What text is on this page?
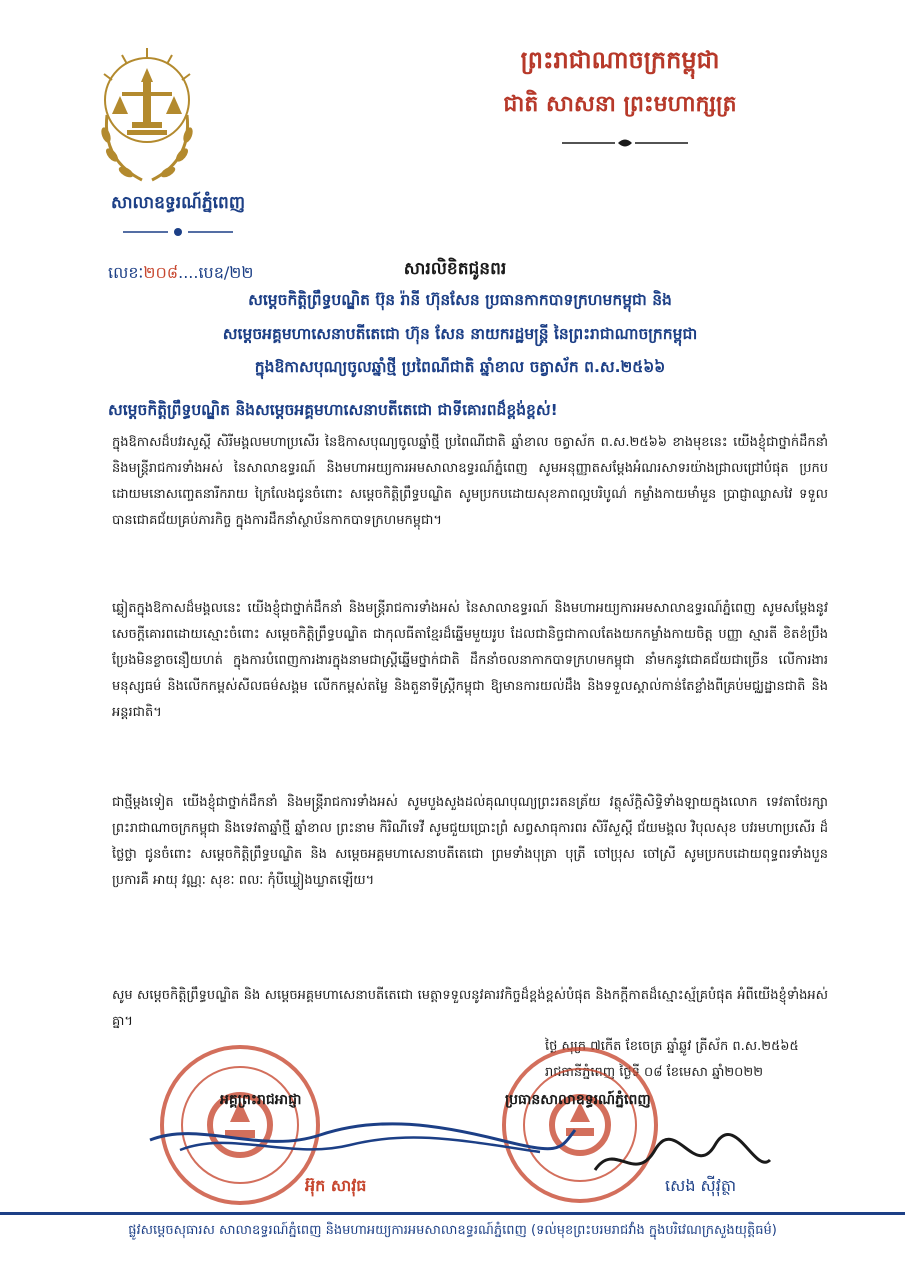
សាលាឧទ្ធរណ៍ភ្នំពេញ
ព្រះរាជាណាចក្រកម្ពុជា
ជាតិ សាសនា ព្រះមហាក្សត្រ
លេខៈ២០៨....បេឧ/២២	សារលិខិតជូនពរ
សម្តេចកិត្តិព្រឹទ្ធបណ្ឌិត ប៊ុន រ៉ានី ហ៊ុនសែន ប្រធានកាកបាទក្រហមកម្ពុជា និង
សម្តេចអគ្គមហាសេនាបតីតេជោ ហ៊ុន សែន នាយករដ្ឋមន្ត្រី នៃព្រះរាជាណាចក្រកម្ពុជា
ក្នុងឱកាសបុណ្យចូលឆ្នាំថ្មី ប្រពៃណីជាតិ ឆ្នាំខាល ចត្វាស័ក ព.ស.២៥៦៦
សម្តេចកិត្តិព្រឹទ្ធបណ្ឌិត និងសម្តេចអគ្គមហាសេនាបតីតេជោ ជាទីគោរពដ៏ខ្ពង់ខ្ពស់!
ក្នុងឱកាសដ៏បវរសួស្តី សិរីមង្គលមហាប្រសើរ នៃឱកាសបុណ្យចូលឆ្នាំថ្មី ប្រពៃណីជាតិ ឆ្នាំខាល ចត្វាស័ក ព.ស.២៥៦៦ ខាងមុខនេះ យើងខ្ញុំជាថ្នាក់ដឹកនាំ និងមន្ត្រីរាជការទាំងអស់ នៃសាលាឧទ្ធរណ៍ និងមហាអយ្យការអមសាលាឧទ្ធរណ៍ភ្នំពេញ សូមអនុញ្ញាតសម្តែងអំណរសាទរយ៉ាងជ្រាលជ្រៅបំផុត ប្រកបដោយមនោសញ្ចេតនារីករាយ ក្រៃលែងជូនចំពោះ សម្តេចកិត្តិព្រឹទ្ធបណ្ឌិត សូមប្រកបដោយសុខភាពល្អបរិបូណ៌ កម្លាំងកាយមាំមួន ប្រាជ្ញាឈ្លាសវៃ ទទួលបានជោគជ័យគ្រប់ភារកិច្ច ក្នុងការដឹកនាំស្ថាប័នកាកបាទក្រហមកម្ពុជា។
ឆ្លៀតក្នុងឱកាសដ៏មង្គលនេះ យើងខ្ញុំជាថ្នាក់ដឹកនាំ និងមន្ត្រីរាជការទាំងអស់ នៃសាលាឧទ្ធរណ៍ និងមហាអយ្យការអមសាលាឧទ្ធរណ៍ភ្នំពេញ សូមសម្តែងនូវសេចក្តីគោរពដោយស្មោះចំពោះ សម្តេចកិត្តិព្រឹទ្ធបណ្ឌិត ជាកុលធីតាខ្មែរដ៏ឆ្នើមមួយរូប ដែលជានិច្ចជាកាលតែងយកកម្លាំងកាយចិត្ត បញ្ញា ស្មារតី ខិតខំប្រឹងប្រែងមិនខ្លាចនឿយហត់ ក្នុងការបំពេញការងារក្នុងនាមជាស្ត្រីឆ្នើមថ្នាក់ជាតិ ដឹកនាំចលនាកាកបាទក្រហមកម្ពុជា នាំមកនូវជោគជ័យជាច្រើន លើការងារមនុស្សធម៌ និងលើកកម្ពស់សីលធម៌សង្គម លើកកម្ពស់តម្លៃ និងតួនាទីស្ត្រីកម្ពុជា ឱ្យមានការយល់ដឹង និងទទួលស្គាល់កាន់តែខ្លាំងពីគ្រប់មជ្ឈដ្ឋានជាតិ និងអន្តរជាតិ។
ជាថ្មីម្តងទៀត យើងខ្ញុំជាថ្នាក់ដឹកនាំ និងមន្ត្រីរាជការទាំងអស់ សូមបួងសួងដល់គុណបុណ្យព្រះរតនត្រ័យ វត្ថុស័ក្តិសិទ្ធិទាំងឡាយក្នុងលោក ទេវតាថែរក្សាព្រះរាជាណាចក្រកម្ពុជា និងទេវតាឆ្នាំថ្មី ឆ្នាំខាល ព្រះនាម កិរិណីទេវី សូមជួយប្រោះព្រំ សព្វសាធុការពរ សិរីសួស្តី ជ័យមង្គល វិបុលសុខ បវរមហាប្រសើរ ដ៏ថ្លៃថ្លា ជូនចំពោះ សម្តេចកិត្តិព្រឹទ្ធបណ្ឌិត និង សម្តេចអគ្គមហាសេនាបតីតេជោ ព្រមទាំងបុត្រា បុត្រី ចៅប្រុស ចៅស្រី សូមប្រកបដោយពុទ្ធពរទាំងបួនប្រការគឺ អាយុ វណ្ណៈ សុខៈ ពលៈ កុំបីឃ្លៀងឃ្លាតឡើយ។
សូម សម្តេចកិត្តិព្រឹទ្ធបណ្ឌិត និង សម្តេចអគ្គមហាសេនាបតីតេជោ មេត្តាទទួលនូវគារវកិច្ចដ៏ខ្ពង់ខ្ពស់បំផុត និងកក្តីកាតដ៏ស្មោះស្ម័គ្របំផុត អំពីយើងខ្ញុំទាំងអស់គ្នា។
ថ្ងៃ សុក្រ ៧កើត ខែចេត្រ ឆ្នាំឆ្លូវ ត្រីស័ក ព.ស.២៥៦៥
រាជធានីភ្នំពេញ ថ្ងៃទី ០៨ ខែមេសា ឆ្នាំ២០២២
អគ្គព្រះរាជអាជ្ញា	ប្រធានសាលាឧទ្ធរណ៍ភ្នំពេញ
អ៊ុក សាវុធ	សេង ស៊ីវុត្ថា
ផ្លូវសម្តេចសុធារស សាលាឧទ្ធរណ៍ភ្នំពេញ និងមហាអយ្យការអមសាលាឧទ្ធរណ៍ភ្នំពេញ (ទល់មុខព្រះបរមរាជវាំង ក្នុងបរិវេណក្រសួងយុត្តិធម៌)
